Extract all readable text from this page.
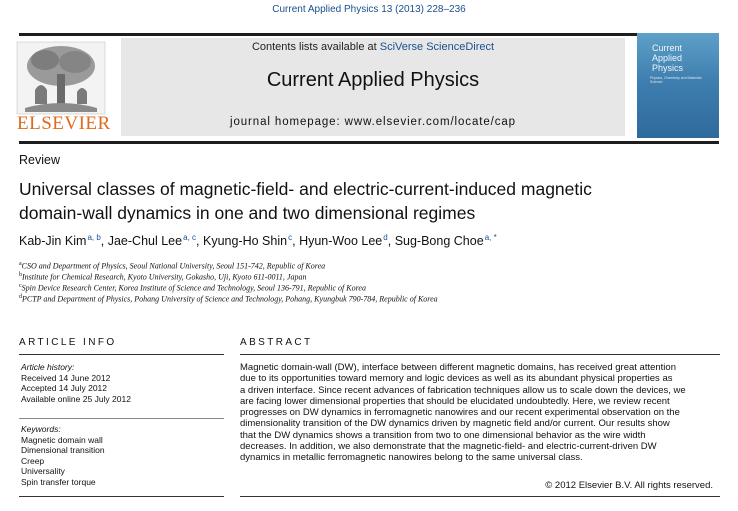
Current Applied Physics 13 (2013) 228–236
ELSEVIER
Contents lists available at SciVerse ScienceDirect
Current Applied Physics
journal homepage: www.elsevier.com/locate/cap
Current
Applied
Physics
Physics, Chemistry and Materials Science
Review
Universal classes of magnetic-field- and electric-current-induced magnetic
domain-wall dynamics in one and two dimensional regimes
Kab-Jin Kim $^{a, b}$, Jae-Chul Lee $^{a, c}$, Kyung-Ho Shin $^c$, Hyun-Woo Lee $^d$, Sug-Bong Choe $^{a, *}$
$^a$CSO and Department of Physics, Seoul National University, Seoul 151-742, Republic of Korea
$^b$Institute for Chemical Research, Kyoto University, Gokasho, Uji, Kyoto 611-0011, Japan
$^c$Spin Device Research Center, Korea Institute of Science and Technology, Seoul 136-791, Republic of Korea
$^d$PCTP and Department of Physics, Pohang University of Science and Technology, Pohang, Kyungbuk 790-784, Republic of Korea
ARTICLE INFO	ABSTRACT
Article history:
Received 14 June 2012
Accepted 14 July 2012
Available online 25 July 2012
Keywords:
Magnetic domain wall
Dimensional transition
Creep
Universality
Spin transfer torque
Magnetic domain-wall (DW), interface between different magnetic domains, has received great attention
due to its opportunities toward memory and logic devices as well as its abundant physical properties as
a driven interface. Since recent advances of fabrication techniques allow us to scale down the devices, we
are facing lower dimensional properties that should be elucidated undoubtedly. Here, we review recent
progresses on DW dynamics in ferromagnetic nanowires and our recent experimental observation on the
dimensionality transition of the DW dynamics driven by magnetic field and/or current. Our results show
that the DW dynamics shows a transition from two to one dimensional behavior as the wire width
decreases. In addition, we also demonstrate that the magnetic-field- and electric-current-driven DW
dynamics in metallic ferromagnetic nanowires belong to the same universal class.
© 2012 Elsevier B.V. All rights reserved.
